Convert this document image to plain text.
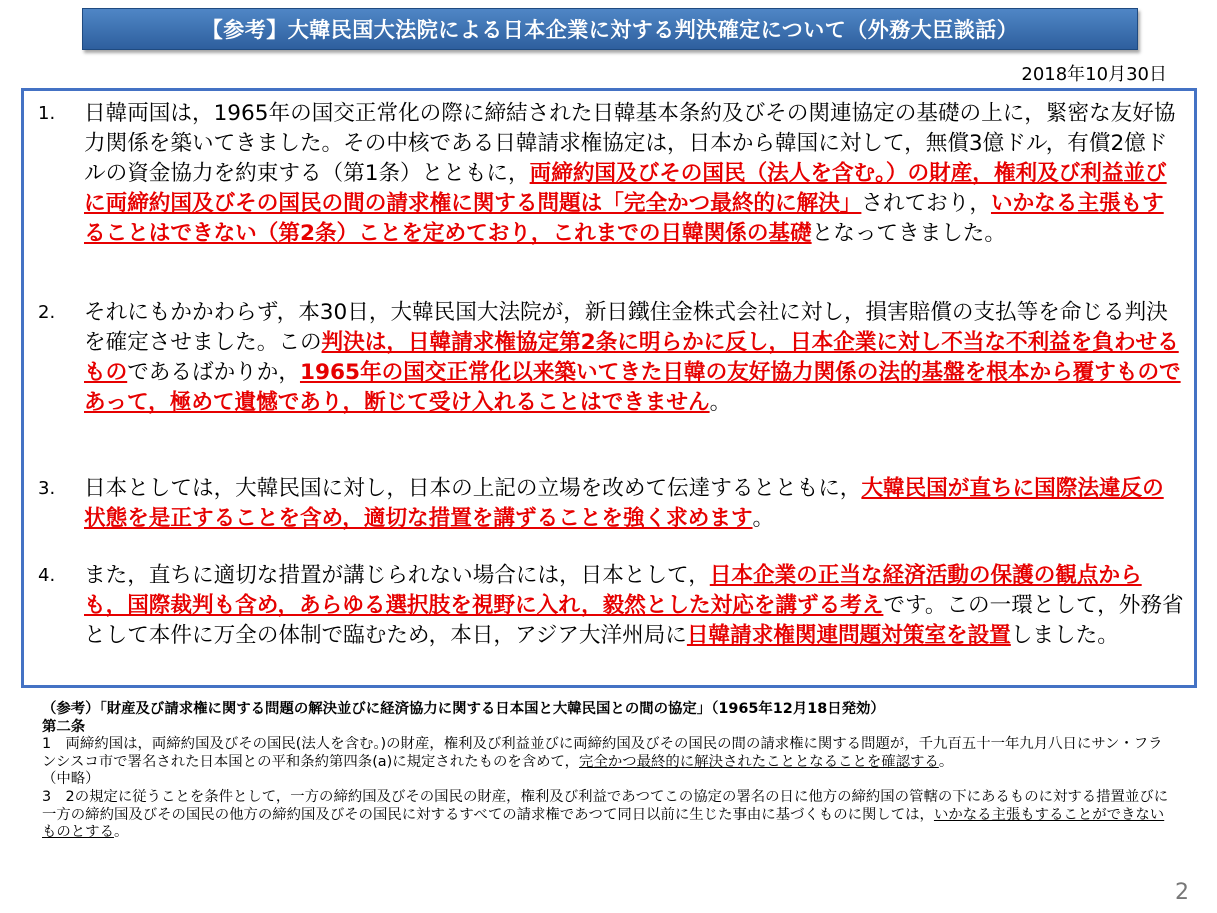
【参考】大韓民国大法院による日本企業に対する判決確定について（外務大臣談話）
2018年10月30日
1.	日韓両国は，1965年の国交正常化の際に締結された日韓基本条約及びその関連協定の基礎の上に，緊密な友好協力関係を築いてきました。その中核である日韓請求権協定は，日本から韓国に対して，無償3億ドル，有償2億ドルの資金協力を約束する（第1条）とともに，両締約国及びその国民（法人を含む。）の財産，権利及び利益並びに両締約国及びその国民の間の請求権に関する問題は「完全かつ最終的に解決」されており，いかなる主張もすることはできない（第2条）ことを定めており，これまでの日韓関係の基礎となってきました。
2.	それにもかかわらず，本30日，大韓民国大法院が，新日鐵住金株式会社に対し，損害賠償の支払等を命じる判決を確定させました。この判決は，日韓請求権協定第2条に明らかに反し，日本企業に対し不当な不利益を負わせるものであるばかりか，1965年の国交正常化以来築いてきた日韓の友好協力関係の法的基盤を根本から覆すものであって，極めて遺憾であり，断じて受け入れることはできません。
3.	日本としては，大韓民国に対し，日本の上記の立場を改めて伝達するとともに，大韓民国が直ちに国際法違反の状態を是正することを含め，適切な措置を講ずることを強く求めます。
4.	また，直ちに適切な措置が講じられない場合には，日本として，日本企業の正当な経済活動の保護の観点からも，国際裁判も含め，あらゆる選択肢を視野に入れ，毅然とした対応を講ずる考えです。この一環として，外務省として本件に万全の体制で臨むため，本日，アジア大洋州局に日韓請求権関連問題対策室を設置しました。
（参考）「財産及び請求権に関する問題の解決並びに経済協力に関する日本国と大韓民国との間の協定」（1965年12月18日発効）
第二条
1　両締約国は，両締約国及びその国民(法人を含む。)の財産，権利及び利益並びに両締約国及びその国民の間の請求権に関する問題が，千九百五十一年九月八日にサン・フランシスコ市で署名された日本国との平和条約第四条(a)に規定されたものを含めて，完全かつ最終的に解決されたこととなることを確認する。
（中略）
3　2の規定に従うことを条件として，一方の締約国及びその国民の財産，権利及び利益であつてこの協定の署名の日に他方の締約国の管轄の下にあるものに対する措置並びに一方の締約国及びその国民の他方の締約国及びその国民に対するすべての請求権であつて同日以前に生じた事由に基づくものに関しては，いかなる主張もすることができないものとする。
2
